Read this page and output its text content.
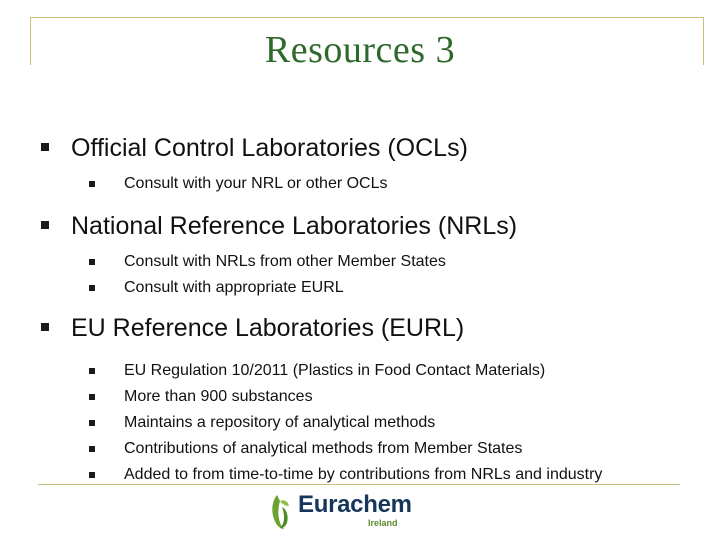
Resources 3
Official Control Laboratories (OCLs)
Consult with your NRL or other OCLs
National Reference Laboratories (NRLs)
Consult with NRLs from other Member States
Consult with appropriate EURL
EU Reference Laboratories (EURL)
EU Regulation 10/2011 (Plastics in Food Contact Materials)
More than 900 substances
Maintains a repository of analytical methods
Contributions of analytical methods from Member States
Added to from time-to-time by contributions from NRLs and industry
Eurachem
Ireland
